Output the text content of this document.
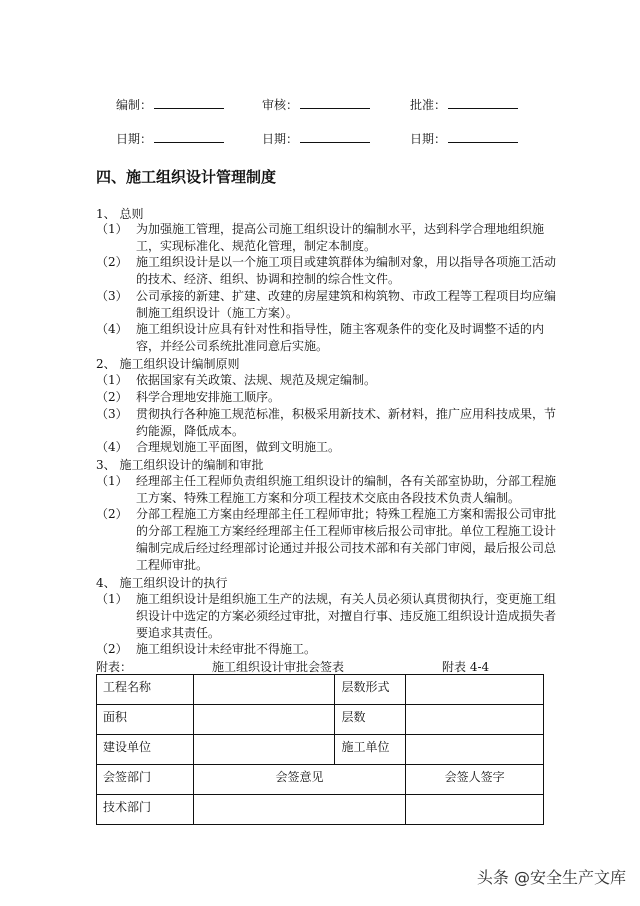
编制：	审核：	批准：
日期：	日期：	日期：
四、施工组织设计管理制度
1、 总则
（1） 为加强施工管理，提高公司施工组织设计的编制水平，达到科学合理地组织施工，实现标准化、规范化管理，制定本制度。
（2） 施工组织设计是以一个施工项目或建筑群体为编制对象，用以指导各项施工活动的技术、经济、组织、协调和控制的综合性文件。
（3） 公司承接的新建、扩建、改建的房屋建筑和构筑物、市政工程等工程项目均应编制施工组织设计（施工方案）。
（4） 施工组织设计应具有针对性和指导性，随主客观条件的变化及时调整不适的内容，并经公司系统批准同意后实施。
2、 施工组织设计编制原则
（1） 依据国家有关政策、法规、规范及规定编制。
（2） 科学合理地安排施工顺序。
（3） 贯彻执行各种施工规范标准，积极采用新技术、新材料，推广应用科技成果，节约能源，降低成本。
（4） 合理规划施工平面图，做到文明施工。
3、 施工组织设计的编制和审批
（1） 经理部主任工程师负责组织施工组织设计的编制，各有关部室协助，分部工程施工方案、特殊工程施工方案和分项工程技术交底由各段技术负责人编制。
（2） 分部工程施工方案由经理部主任工程师审批；特殊工程施工方案和需报公司审批的分部工程施工方案经经理部主任工程师审核后报公司审批。单位工程施工设计编制完成后经过经理部讨论通过并报公司技术部和有关部门审阅，最后报公司总工程师审批。
4、 施工组织设计的执行
（1） 施工组织设计是组织施工生产的法规，有关人员必须认真贯彻执行，变更施工组织设计中选定的方案必须经过审批，对擅自行事、违反施工组织设计造成损失者要追求其责任。
（2） 施工组织设计未经审批不得施工。
附表：	施工组织设计审批会签表	附表 4-4
工程名称		层数形式	
面积		层数	
建设单位		施工单位	
会签部门	会签意见		会签人签字
技术部门			
头条 @安全生产文库
